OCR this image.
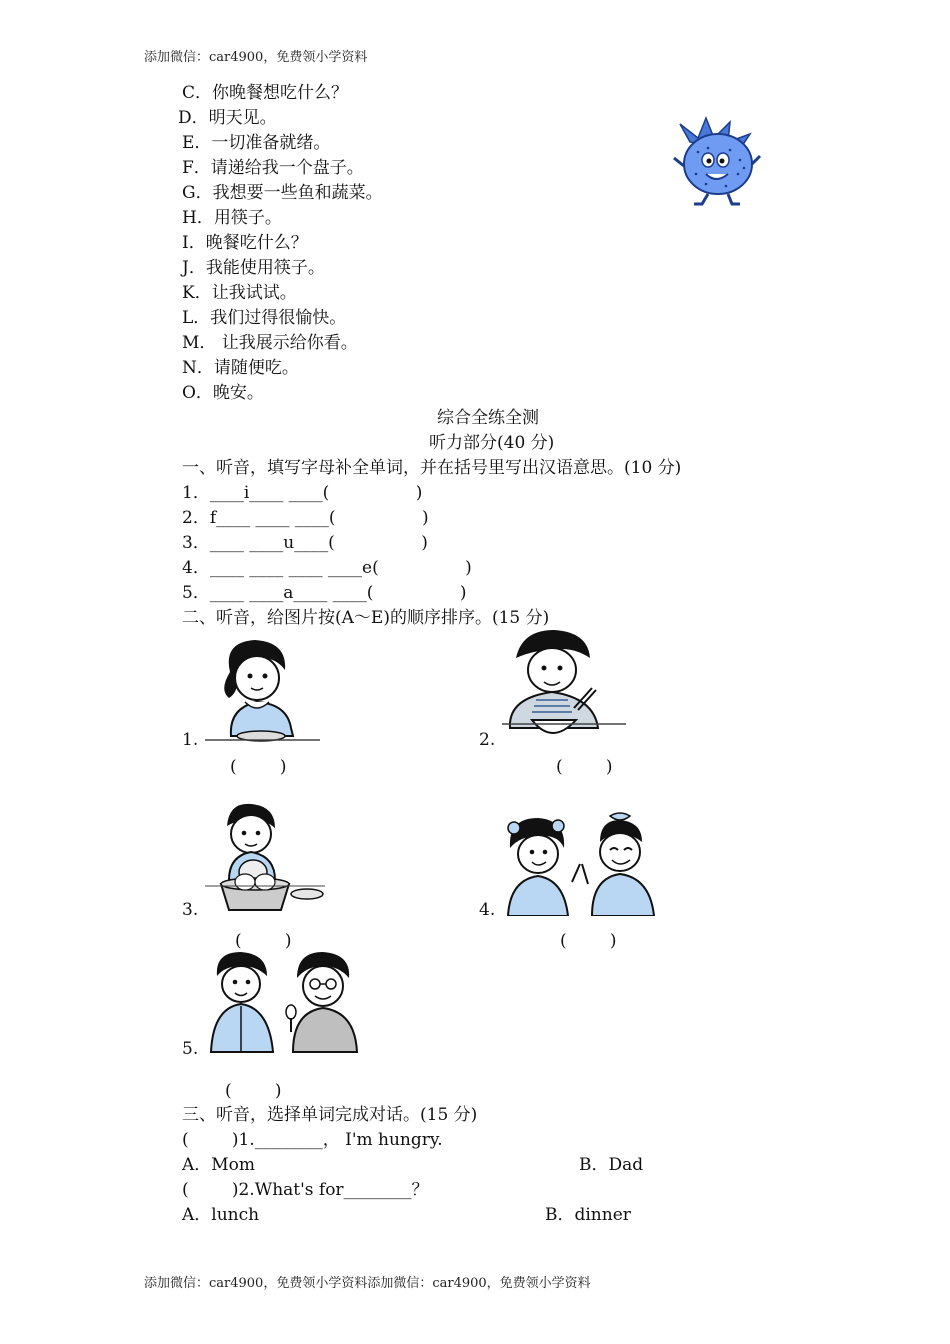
添加微信：car4900，免费领小学资料
C．你晚餐想吃什么？
D．明天见。
E．一切准备就绪。
F．请递给我一个盘子。
G．我想要一些鱼和蔬菜。
H．用筷子。
I．晚餐吃什么？
J．我能使用筷子。
K．让我试试。
L．我们过得很愉快。
M． 让我展示给你看。
N．请随便吃。
O．晚安。
综合全练全测
听力部分(40 分)
一、听音，填写字母补全单词，并在括号里写出汉语意思。(10 分)
1．____i____ ____(                )
2．f____ ____ ____(                )
3．____ ____u____(                )
4．____ ____ ____ ____e(                )
5．____ ____a____ ____(                )
二、听音，给图片按(A～E)的顺序排序。(15 分)
1.
(        )
2.
(        )
3.
(        )
4.
(        )
5.
(        )
三、听音，选择单词完成对话。(15 分)
(        )1.________， I'm hungry.
A．Mom	B．Dad
(        )2.What's for________？
A．lunch	B．dinner
添加微信：car4900，免费领小学资料添加微信：car4900，免费领小学资料
